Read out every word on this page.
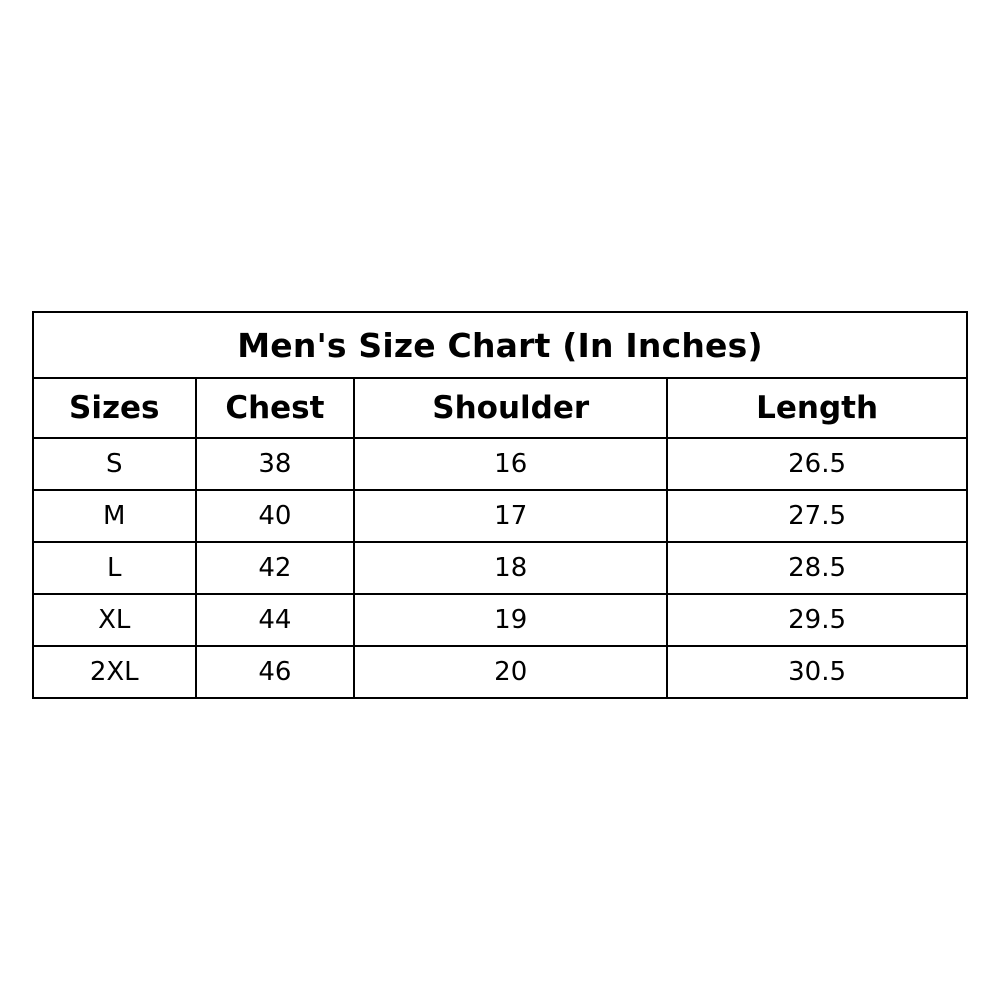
Men's Size Chart (In Inches)			
Sizes	Chest	Shoulder	Length
S	38	16	26.5
M	40	17	27.5
L	42	18	28.5
XL	44	19	29.5
2XL	46	20	30.5
